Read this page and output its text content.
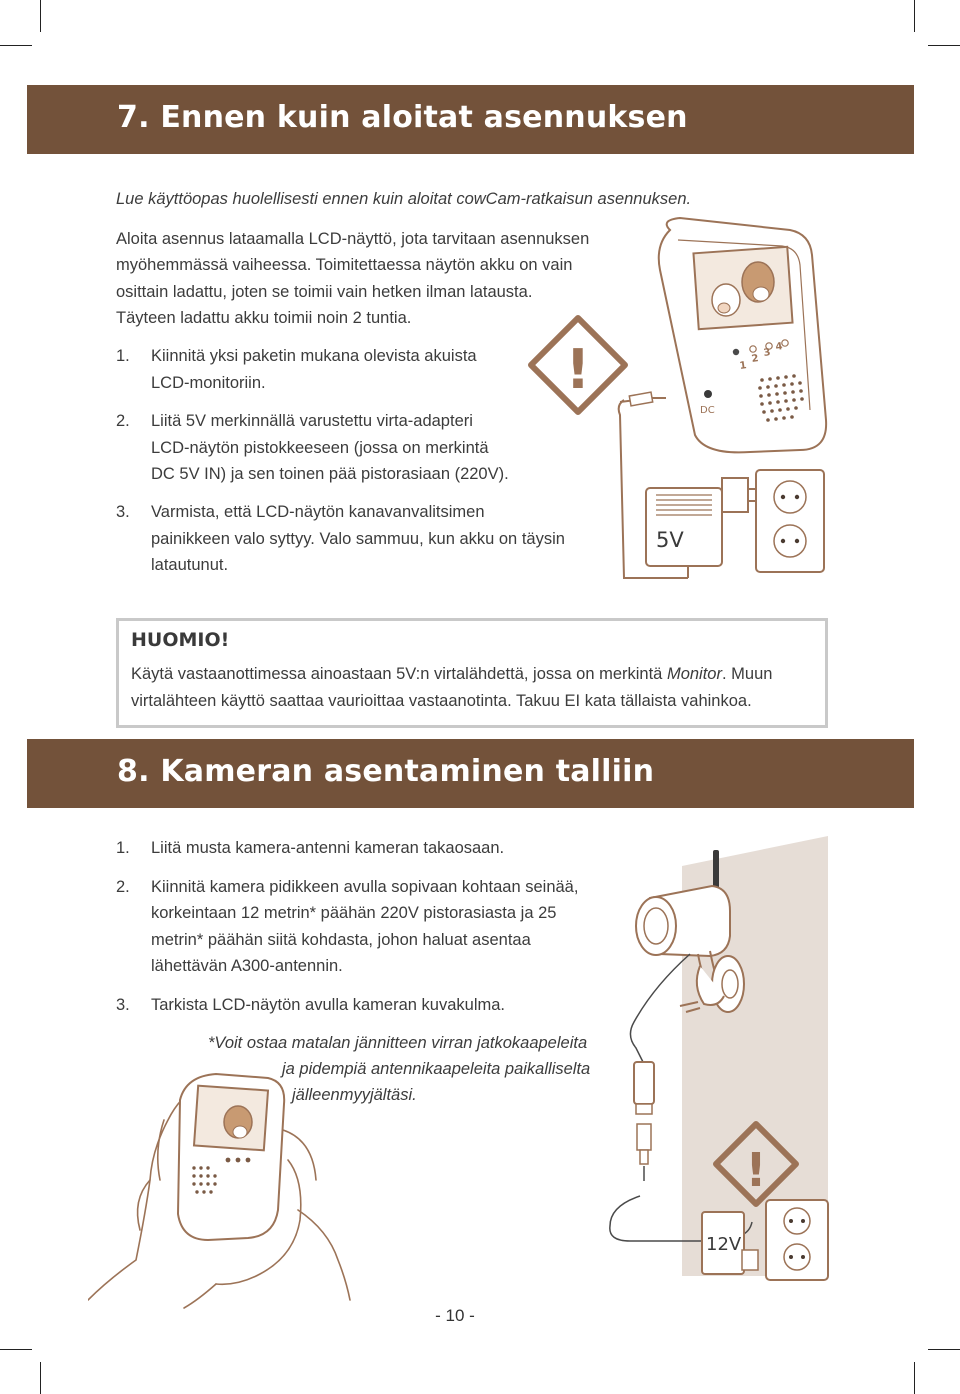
7. Ennen kuin aloitat asennuksen

Lue käyttöopas huolellisesti ennen kuin aloitat cowCam-ratkaisun asennuksen.

Aloita asennus lataamalla LCD-näyttö, jota tarvitaan asennuksen

myöhemmässä vaiheessa. Toimitettaessa näytön akku on vain

osittain ladattu, joten se toimii vain hetken ilman latausta.

Täyteen ladattu akku toimii noin 2 tuntia.

1. Kiinnitä yksi paketin mukana olevista akuista

LCD-monitoriin.

2. Liitä 5V merkinnällä varustettu virta-adapteri

LCD-näytön pistokkeeseen (jossa on merkintä

DC 5V IN) ja sen toinen pää pistorasiaan (220V).

3. Varmista, että LCD-näytön kanavanvalitsimen

painikkeen valo syttyy. Valo sammuu, kun akku on täysin

latautunut.

!	1
2
3
4
DC
5V
HUOMIO!

Käytä vastaanottimessa ainoastaan 5V:n virtalähdettä, jossa on merkintä Monitor. Muun
virtalähteen käyttö saattaa vaurioittaa vastaanotinta. Takuu EI kata tällaista vahinkoa.

8. Kameran asentaminen talliin
1. Liitä musta kamera-antenni kameran takaosaan.

2. Kiinnitä kamera pidikkeen avulla sopivaan kohtaan seinää,

korkeintaan 12 metrin* päähän 220V pistorasiasta ja 25

metrin* päähän siitä kohdasta, johon haluat asentaa

lähettävän A300-antennin.

3. Tarkista LCD-näytön avulla kameran kuvakulma.

*Voit ostaa matalan jännitteen virran jatkokaapeleita

ja pidempiä antennikaapeleita paikalliselta

jälleenmyyjältäsi.

!
12V
- 10 -
